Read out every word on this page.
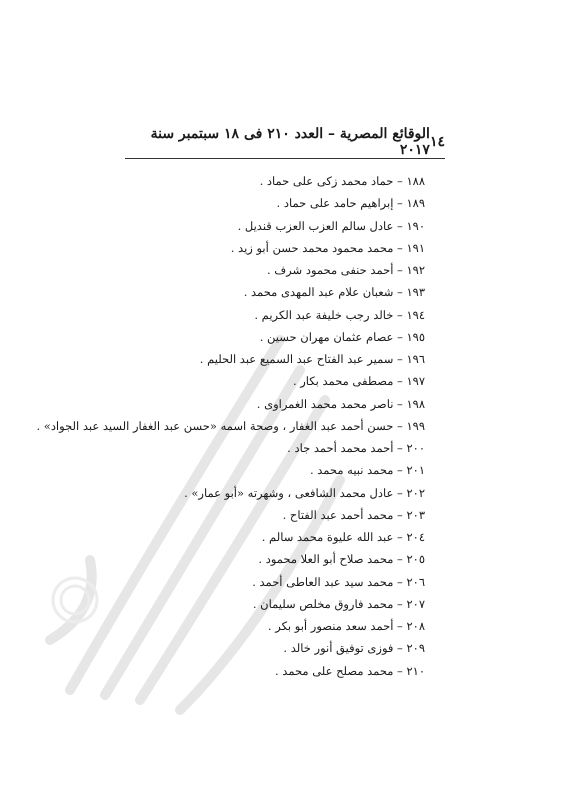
١٤
الوقائع المصرية – العدد ٢١٠ فى ١٨ سبتمبر سنة ٢٠١٧
١٨٨ – حماد محمد زكى على حماد .
١٨٩ – إبراهيم حامد على حماد .
١٩٠ – عادل سالم العزب العزب قنديل .
١٩١ – محمد محمود محمد حسن أبو زيد .
١٩٢ – أحمد حنفى محمود شرف .
١٩٣ – شعبان علام عبد المهدى محمد .
١٩٤ – خالد رجب خليفة عبد الكريم .
١٩٥ – عصام عثمان مهران حسين .
١٩٦ – سمير عبد الفتاح عبد السميع عبد الحليم .
١٩٧ – مصطفى محمد بكار .
١٩٨ – ناصر محمد محمد الغمراوى .
١٩٩ – حسن أحمد عبد الغفار ، وصحة اسمه «حسن عبد الغفار السيد عبد الجواد» .
٢٠٠ – أحمد محمد أحمد جاد .
٢٠١ – محمد نبيه محمد .
٢٠٢ – عادل محمد الشافعى ، وشهرته «أبو عمار» .
٢٠٣ – محمد أحمد عبد الفتاح .
٢٠٤ – عبد الله عليوة محمد سالم .
٢٠٥ – محمد صلاح أبو العلا محمود .
٢٠٦ – محمد سيد عبد العاطى أحمد .
٢٠٧ – محمد فاروق مخلص سليمان .
٢٠٨ – أحمد سعد منصور أبو بكر .
٢٠٩ – فوزى توفيق أنور خالد .
٢١٠ – محمد مصلح على محمد .
